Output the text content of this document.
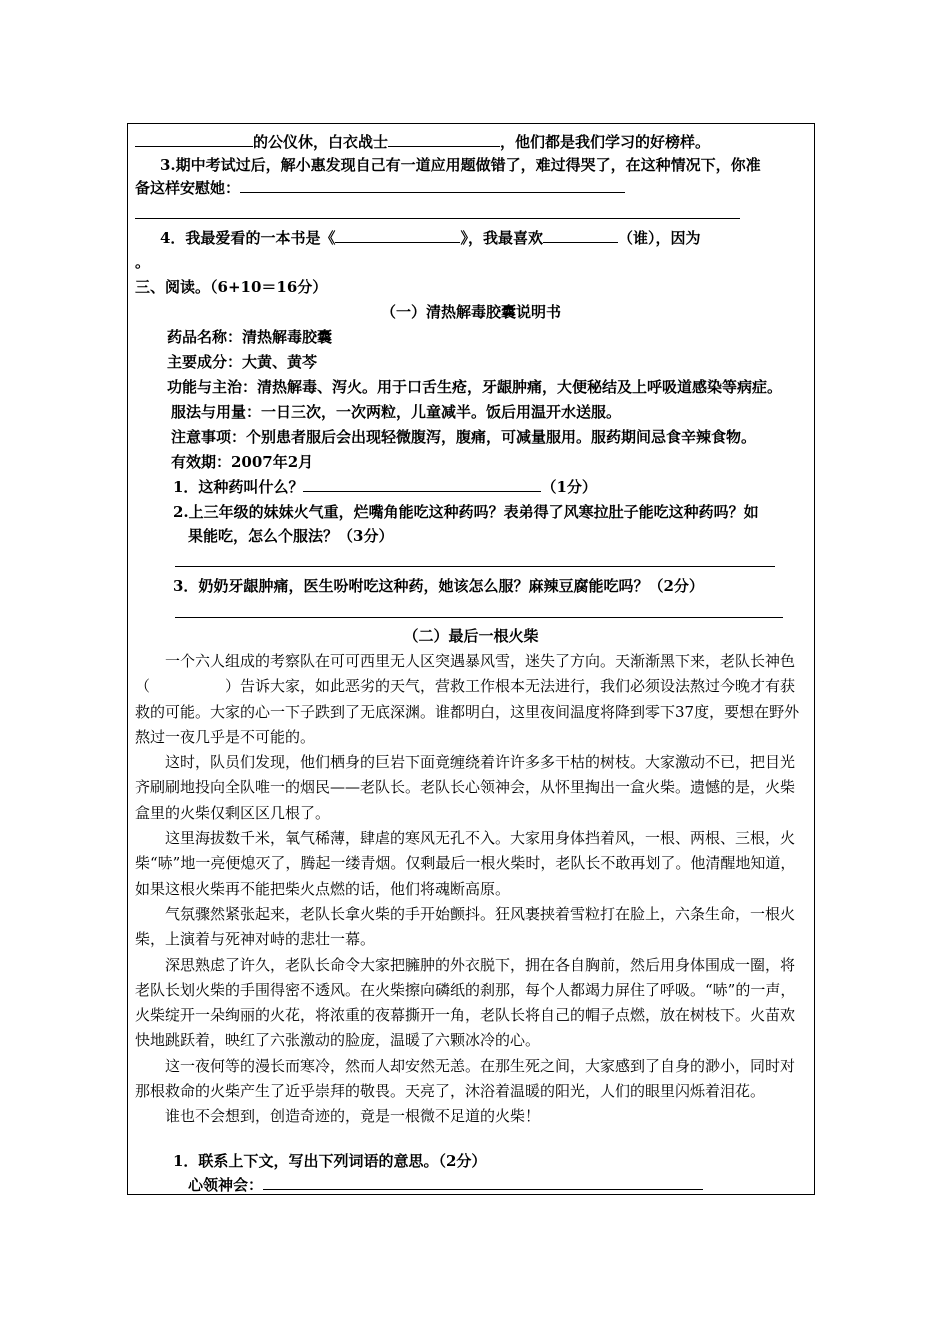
的公仪休，白衣战士	，他们都是我们学习的好榜样。
3.期中考试过后，解小惠发现自己有一道应用题做错了，难过得哭了，在这种情况下，你准
备这样安慰她：
4．我最爱看的一本书是《	》，我最喜欢	（谁），因为
。
三、阅读。（6+10＝16分）
（一）清热解毒胶囊说明书
药品名称：清热解毒胶囊
主要成分：大黄、黄芩
功能与主治：清热解毒、泻火。用于口舌生疮，牙龈肿痛，大便秘结及上呼吸道感染等病症。
服法与用量：一日三次，一次两粒，儿童减半。饭后用温开水送服。
注意事项：个别患者服后会出现轻微腹泻，腹痛，可减量服用。服药期间忌食辛辣食物。
有效期：2007年2月
1．这种药叫什么？	（1分）
2.上三年级的妹妹火气重，烂嘴角能吃这种药吗？表弟得了风寒拉肚子能吃这种药吗？如
果能吃，怎么个服法？（3分）
3．奶奶牙龈肿痛，医生吩咐吃这种药，她该怎么服？麻辣豆腐能吃吗？（2分）
（二）最后一根火柴
一个六人组成的考察队在可可西里无人区突遇暴风雪，迷失了方向。天渐渐黑下来，老队长神色（　　　　　）告诉大家，如此恶劣的天气，营救工作根本无法进行，我们必须设法熬过今晚才有获救的可能。大家的心一下子跌到了无底深渊。谁都明白，这里夜间温度将降到零下37度，要想在野外熬过一夜几乎是不可能的。
这时，队员们发现，他们栖身的巨岩下面竟缠绕着许许多多干枯的树枝。大家激动不已，把目光齐刷刷地投向全队唯一的烟民——老队长。老队长心领神会，从怀里掏出一盒火柴。遗憾的是，火柴盒里的火柴仅剩区区几根了。
这里海拔数千米，氧气稀薄，肆虐的寒风无孔不入。大家用身体挡着风，一根、两根、三根，火柴“哧”地一亮便熄灭了，腾起一缕青烟。仅剩最后一根火柴时，老队长不敢再划了。他清醒地知道，如果这根火柴再不能把柴火点燃的话，他们将魂断高原。
气氛骤然紧张起来，老队长拿火柴的手开始颤抖。狂风裹挟着雪粒打在脸上，六条生命，一根火柴，上演着与死神对峙的悲壮一幕。
深思熟虑了许久，老队长命令大家把臃肿的外衣脱下，拥在各自胸前，然后用身体围成一圈，将老队长划火柴的手围得密不透风。在火柴擦向磷纸的刹那，每个人都竭力屏住了呼吸。“哧”的一声，火柴绽开一朵绚丽的火花，将浓重的夜幕撕开一角，老队长将自己的帽子点燃，放在树枝下。火苗欢快地跳跃着，映红了六张激动的脸庞，温暖了六颗冰冷的心。
这一夜何等的漫长而寒冷，然而人却安然无恙。在那生死之间，大家感到了自身的渺小，同时对那根救命的火柴产生了近乎崇拜的敬畏。天亮了，沐浴着温暖的阳光，人们的眼里闪烁着泪花。
谁也不会想到，创造奇迹的，竟是一根微不足道的火柴！
1．联系上下文，写出下列词语的意思。（2分）
心领神会：
